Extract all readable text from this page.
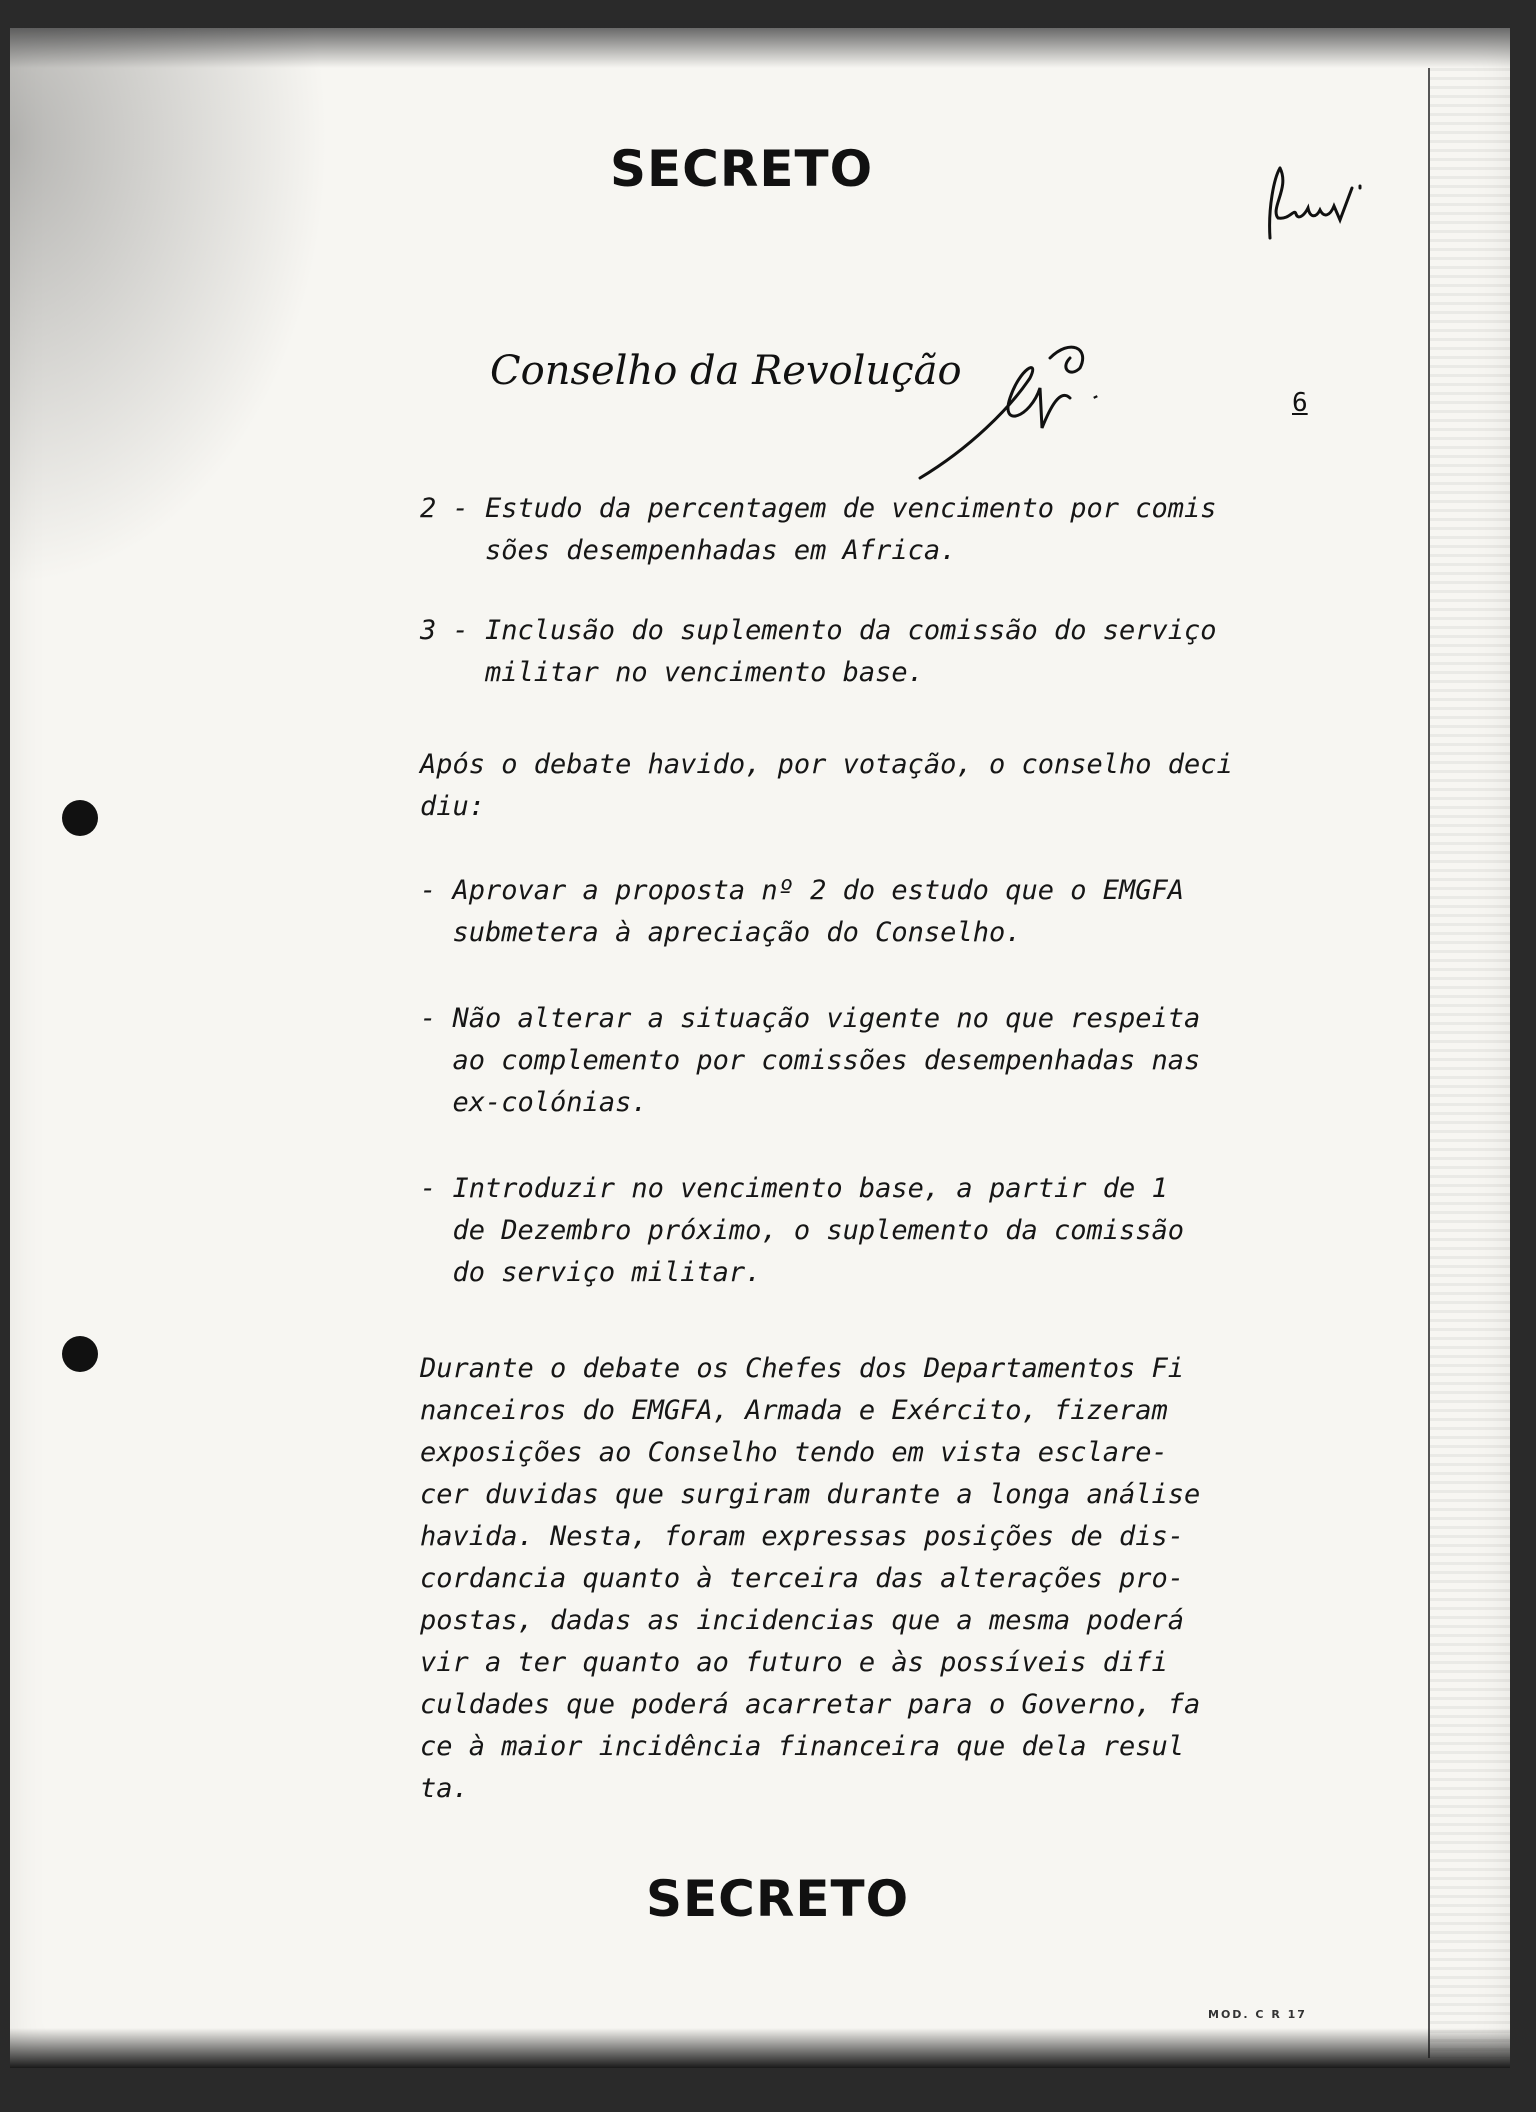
SECRETO
Conselho da Revolução
6
2 - Estudo da percentagem de vencimento por comis
sões desempenhadas em Africa.
3 - Inclusão do suplemento da comissão do serviço
militar no vencimento base.
Após o debate havido, por votação, o conselho deci
diu:
- Aprovar a proposta nº 2 do estudo que o EMGFA
submetera à apreciação do Conselho.
- Não alterar a situação vigente no que respeita
ao complemento por comissões desempenhadas nas
ex-colónias.
- Introduzir no vencimento base, a partir de 1
de Dezembro próximo, o suplemento da comissão
do serviço militar.
Durante o debate os Chefes dos Departamentos Fi
nanceiros do EMGFA, Armada e Exército, fizeram
exposições ao Conselho tendo em vista esclare-
cer duvidas que surgiram durante a longa análise
havida. Nesta, foram expressas posições de dis-
cordancia quanto à terceira das alterações pro-
postas, dadas as incidencias que a mesma poderá
vir a ter quanto ao futuro e às possíveis difi
culdades que poderá acarretar para o Governo, fa
ce à maior incidência financeira que dela resul
ta.
SECRETO
MOD. C R 17
